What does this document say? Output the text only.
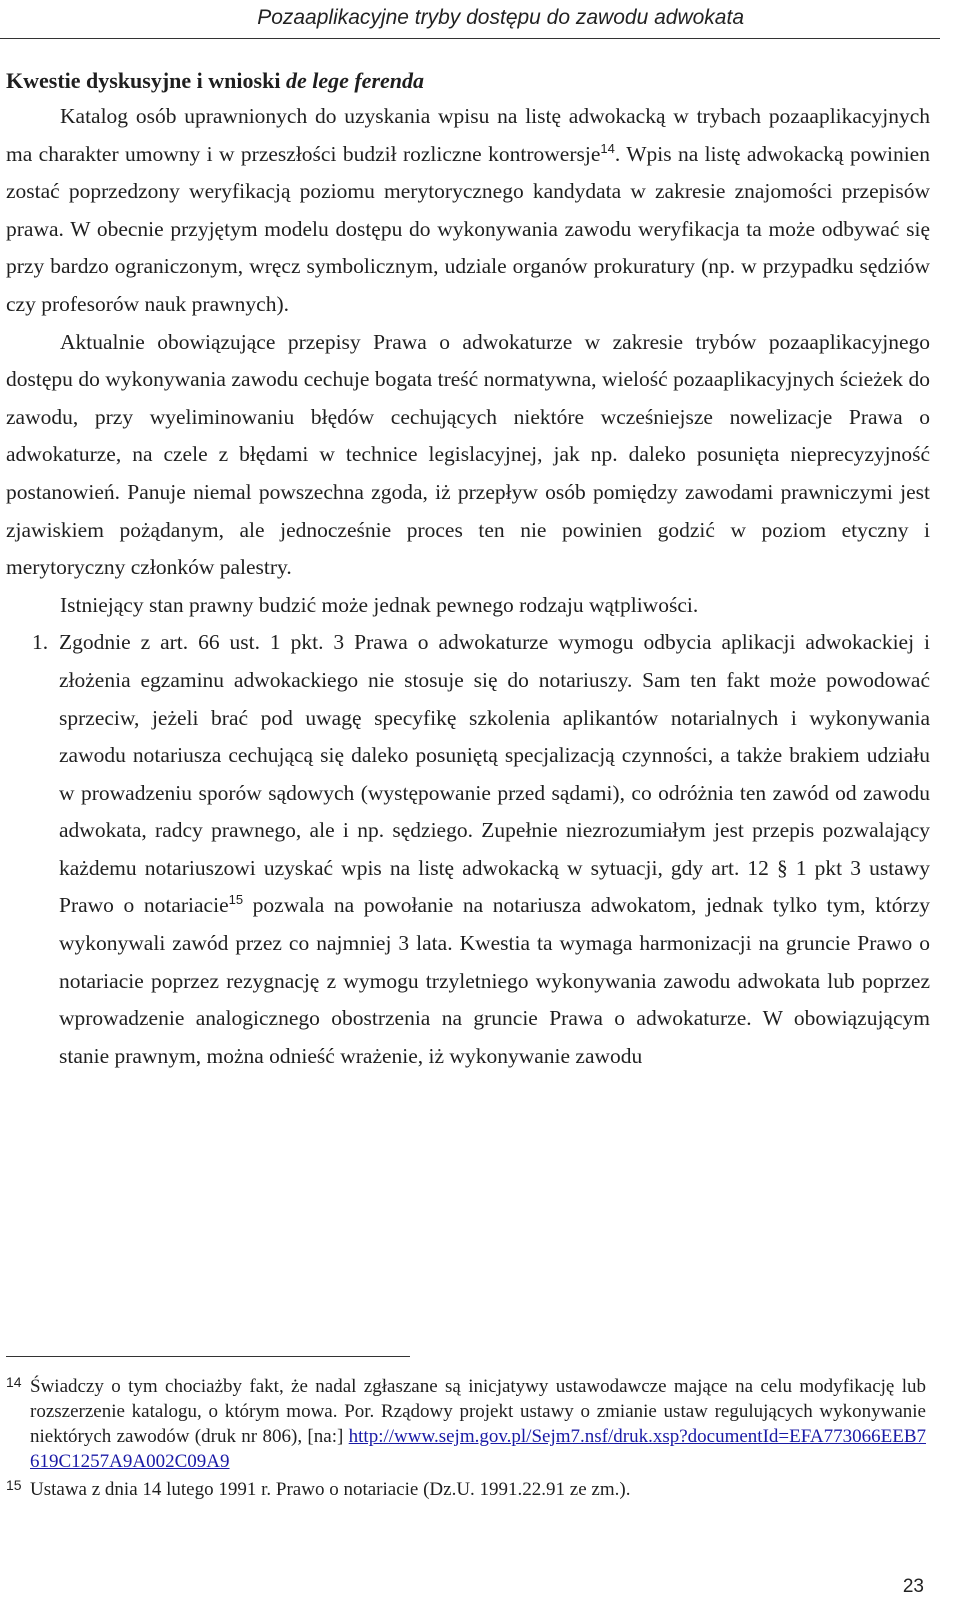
Pozaaplikacyjne tryby dostępu do zawodu adwokata

Kwestie dyskusyjne i wnioski de lege ferenda

Katalog osób uprawnionych do uzyskania wpisu na listę adwokacką w trybach pozaaplikacyjnych ma charakter umowny i w przeszłości budził rozliczne kontrowersje$^{14}$. Wpis na listę adwokacką powinien zostać poprzedzony weryfikacją poziomu merytorycznego kandydata w zakresie znajomości przepisów prawa. W obecnie przyjętym modelu dostępu do wykonywania zawodu weryfikacja ta może odbywać się przy bardzo ograniczonym, wręcz symbolicznym, udziale organów prokuratury (np. w przypadku sędziów czy profesorów nauk prawnych).

Aktualnie obowiązujące przepisy Prawa o adwokaturze w zakresie trybów pozaaplikacyjnego dostępu do wykonywania zawodu cechuje bogata treść normatywna, wielość pozaaplikacyjnych ścieżek do zawodu, przy wyeliminowaniu błędów cechujących niektóre wcześniejsze nowelizacje Prawa o adwokaturze, na czele z błędami w technice legislacyjnej, jak np. daleko posunięta nieprecyzyjność postanowień. Panuje niemal powszechna zgoda, iż przepływ osób pomiędzy zawodami prawniczymi jest zjawiskiem pożądanym, ale jednocześnie proces ten nie powinien godzić w poziom etyczny i merytoryczny członków palestry.

Istniejący stan prawny budzić może jednak pewnego rodzaju wątpliwości.

1. Zgodnie z art. 66 ust. 1 pkt. 3 Prawa o adwokaturze wymogu odbycia aplikacji adwokackiej i złożenia egzaminu adwokackiego nie stosuje się do notariuszy. Sam ten fakt może powodować sprzeciw, jeżeli brać pod uwagę specyfikę szkolenia aplikantów notarialnych i wykonywania zawodu notariusza cechującą się daleko posuniętą specjalizacją czynności, a także brakiem udziału w prowadzeniu sporów sądowych (występowanie przed sądami), co odróżnia ten zawód od zawodu adwokata, radcy prawnego, ale i np. sędziego. Zupełnie niezrozumiałym jest przepis pozwalający każdemu notariuszowi uzyskać wpis na listę adwokacką w sytuacji, gdy art. 12 § 1 pkt 3 ustawy Prawo o notariacie$^{15}$ pozwala na powołanie na notariusza adwokatom, jednak tylko tym, którzy wykonywali zawód przez co najmniej 3 lata. Kwestia ta wymaga harmonizacji na gruncie Prawo o notariacie poprzez rezygnację z wymogu trzyletniego wykonywania zawodu adwokata lub poprzez wprowadzenie analogicznego obostrzenia na gruncie Prawa o adwokaturze. W obowiązującym stanie prawnym, można odnieść wrażenie, iż wykonywanie zawodu

14 Świadczy o tym chociażby fakt, że nadal zgłaszane są inicjatywy ustawodawcze mające na celu modyfikację lub rozszerzenie katalogu, o którym mowa. Por. Rządowy projekt ustawy o zmianie ustaw regulujących wykonywanie niektórych zawodów (druk nr 806), [na:] http://www.sejm.gov.pl/Sejm7.nsf/druk.xsp?documentId=EFA773066EEB7619C1257A9A002C09A9
15 Ustawa z dnia 14 lutego 1991 r. Prawo o notariacie (Dz.U. 1991.22.91 ze zm.).
23
